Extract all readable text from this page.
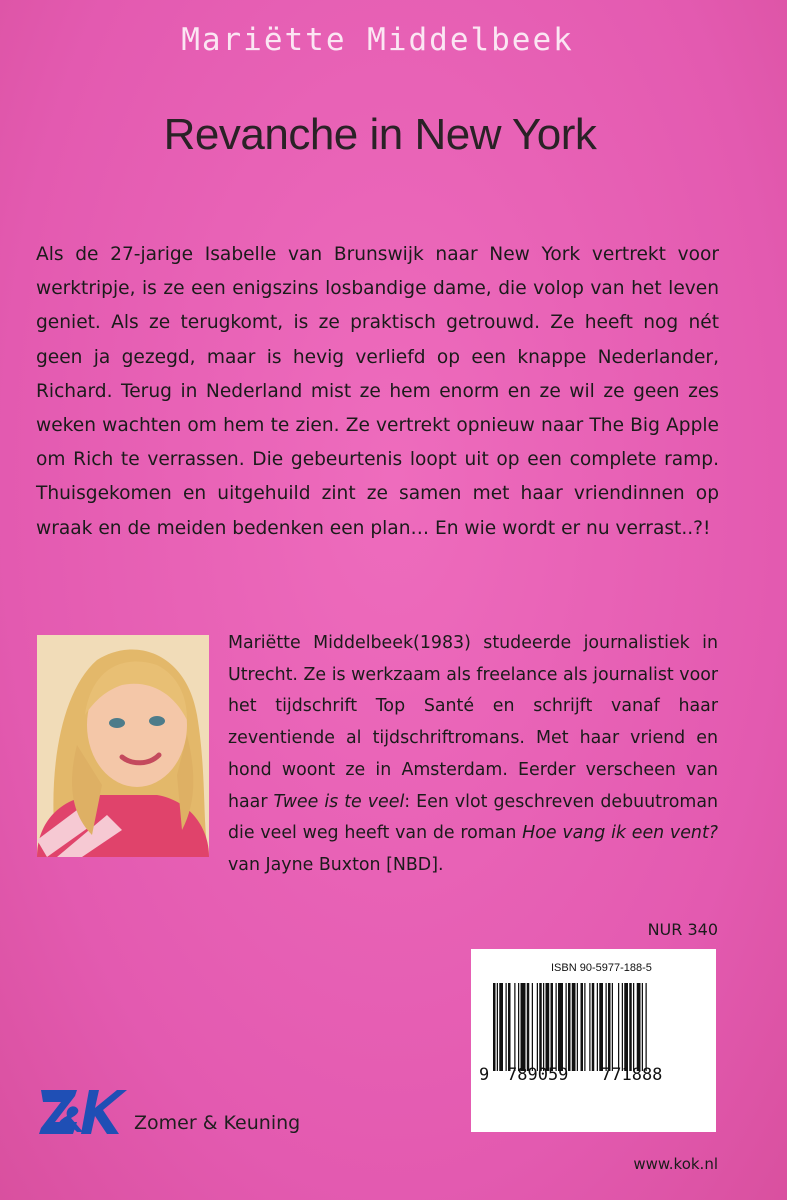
Mariëtte Middelbeek
Revanche in New York
Als de 27-jarige Isabelle van Brunswijk naar New York vertrekt voor werktripje, is ze een enigszins losbandige dame, die volop van het leven geniet. Als ze terugkomt, is ze praktisch getrouwd. Ze heeft nog nét geen ja gezegd, maar is hevig verliefd op een knappe Nederlander, Richard. Terug in Nederland mist ze hem enorm en ze wil ze geen zes weken wachten om hem te zien. Ze vertrekt opnieuw naar The Big Apple om Rich te verrassen. Die gebeurtenis loopt uit op een complete ramp. Thuisgekomen en uitgehuild zint ze samen met haar vriendinnen op wraak en de meiden bedenken een plan… En wie wordt er nu verrast..?!
Mariëtte Middelbeek(1983) studeerde journalistiek in Utrecht. Ze is werkzaam als freelance als journalist voor het tijdschrift Top Santé en schrijft vanaf haar zeventiende al tijdschriftromans. Met haar vriend en hond woont ze in Amsterdam. Eerder verscheen van haar Twee is te veel: Een vlot geschreven debuutroman die veel weg heeft van de roman Hoe vang ik een vent? van Jayne Buxton [NBD].
NUR 340
ISBN 90-5977-188-5
9 789059 771888
Zomer & Keuning
www.kok.nl
